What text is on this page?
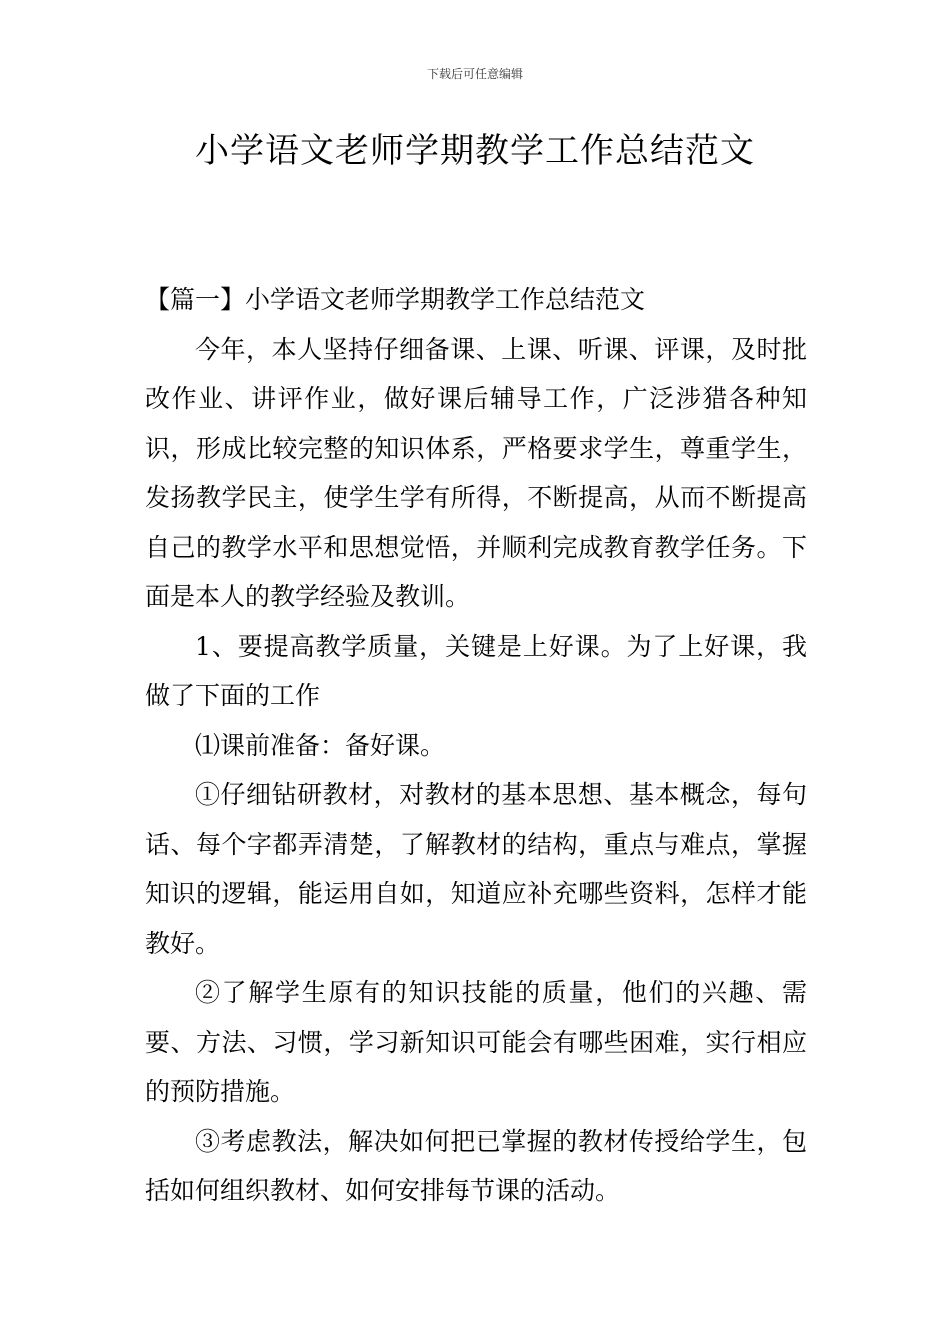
下载后可任意编辑
小学语文老师学期教学工作总结范文

【篇一】小学语文老师学期教学工作总结范文

今年，本人坚持仔细备课、上课、听课、评课，及时批改作业、讲评作业，做好课后辅导工作，广泛涉猎各种知识，形成比较完整的知识体系，严格要求学生，尊重学生，发扬教学民主，使学生学有所得，不断提高，从而不断提高自己的教学水平和思想觉悟，并顺利完成教育教学任务。下面是本人的教学经验及教训。

1、要提高教学质量，关键是上好课。为了上好课，我做了下面的工作

⑴课前准备：备好课。

①仔细钻研教材，对教材的基本思想、基本概念，每句话、每个字都弄清楚，了解教材的结构，重点与难点，掌握知识的逻辑，能运用自如，知道应补充哪些资料，怎样才能教好。

②了解学生原有的知识技能的质量，他们的兴趣、需要、方法、习惯，学习新知识可能会有哪些困难，实行相应的预防措施。

③考虑教法，解决如何把已掌握的教材传授给学生，包括如何组织教材、如何安排每节课的活动。
